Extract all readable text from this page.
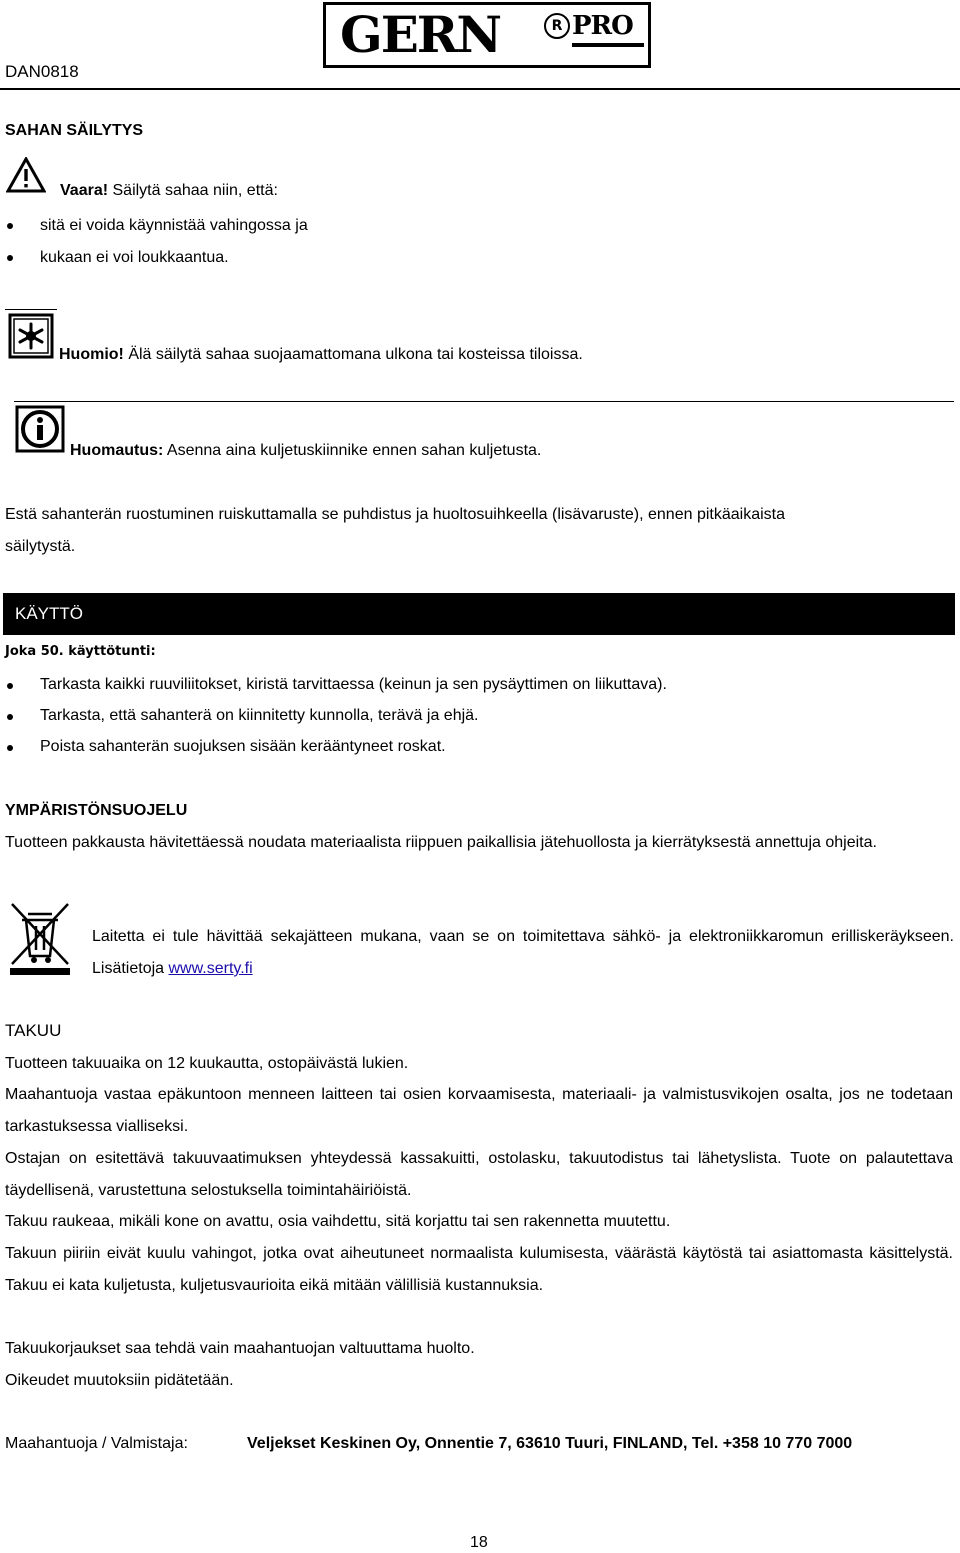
DAN0818
GERN	R PRO
SAHAN SÄILYTYS
Vaara! Säilytä sahaa niin, että:
sitä ei voida käynnistää vahingossa ja
kukaan ei voi loukkaantua.
Huomio! Älä säilytä sahaa suojaamattomana ulkona tai kosteissa tiloissa.
Huomautus: Asenna aina kuljetuskiinnike ennen sahan kuljetusta.
Estä sahanterän ruostuminen ruiskuttamalla se puhdistus ja huoltosuihkeella (lisävaruste), ennen pitkäaikaista
säilytystä.
KÄYTTÖ
Joka 50. käyttötunti:
Tarkasta kaikki ruuviliitokset, kiristä tarvittaessa (keinun ja sen pysäyttimen on liikuttava).
Tarkasta, että sahanterä on kiinnitetty kunnolla, terävä ja ehjä.
Poista sahanterän suojuksen sisään kerääntyneet roskat.
YMPÄRISTÖNSUOJELU
Tuotteen pakkausta hävitettäessä noudata materiaalista riippuen paikallisia jätehuollosta ja kierrätyksestä annettuja ohjeita.
Laitetta ei tule hävittää sekajätteen mukana, vaan se on toimitettava sähkö- ja elektroniikkaromun erilliskeräykseen. Lisätietoja www.serty.fi
TAKUU
Tuotteen takuuaika on 12 kuukautta, ostopäivästä lukien.
Maahantuoja vastaa epäkuntoon menneen laitteen tai osien korvaamisesta, materiaali- ja valmistusvikojen osalta, jos ne todetaan tarkastuksessa vialliseksi.
Ostajan on esitettävä takuuvaatimuksen yhteydessä kassakuitti, ostolasku, takuutodistus tai lähetyslista. Tuote on palautettava täydellisenä, varustettuna selostuksella toimintahäiriöistä.
Takuu raukeaa, mikäli kone on avattu, osia vaihdettu, sitä korjattu tai sen rakennetta muutettu.
Takuun piiriin eivät kuulu vahingot, jotka ovat aiheutuneet normaalista kulumisesta, väärästä käytöstä tai asiattomasta käsittelystä. Takuu ei kata kuljetusta, kuljetusvaurioita eikä mitään välillisiä kustannuksia.
Takuukorjaukset saa tehdä vain maahantuojan valtuuttama huolto.
Oikeudet muutoksiin pidätetään.
Maahantuoja / Valmistaja:	Veljekset Keskinen Oy, Onnentie 7, 63610 Tuuri, FINLAND, Tel. +358 10 770 7000
18
